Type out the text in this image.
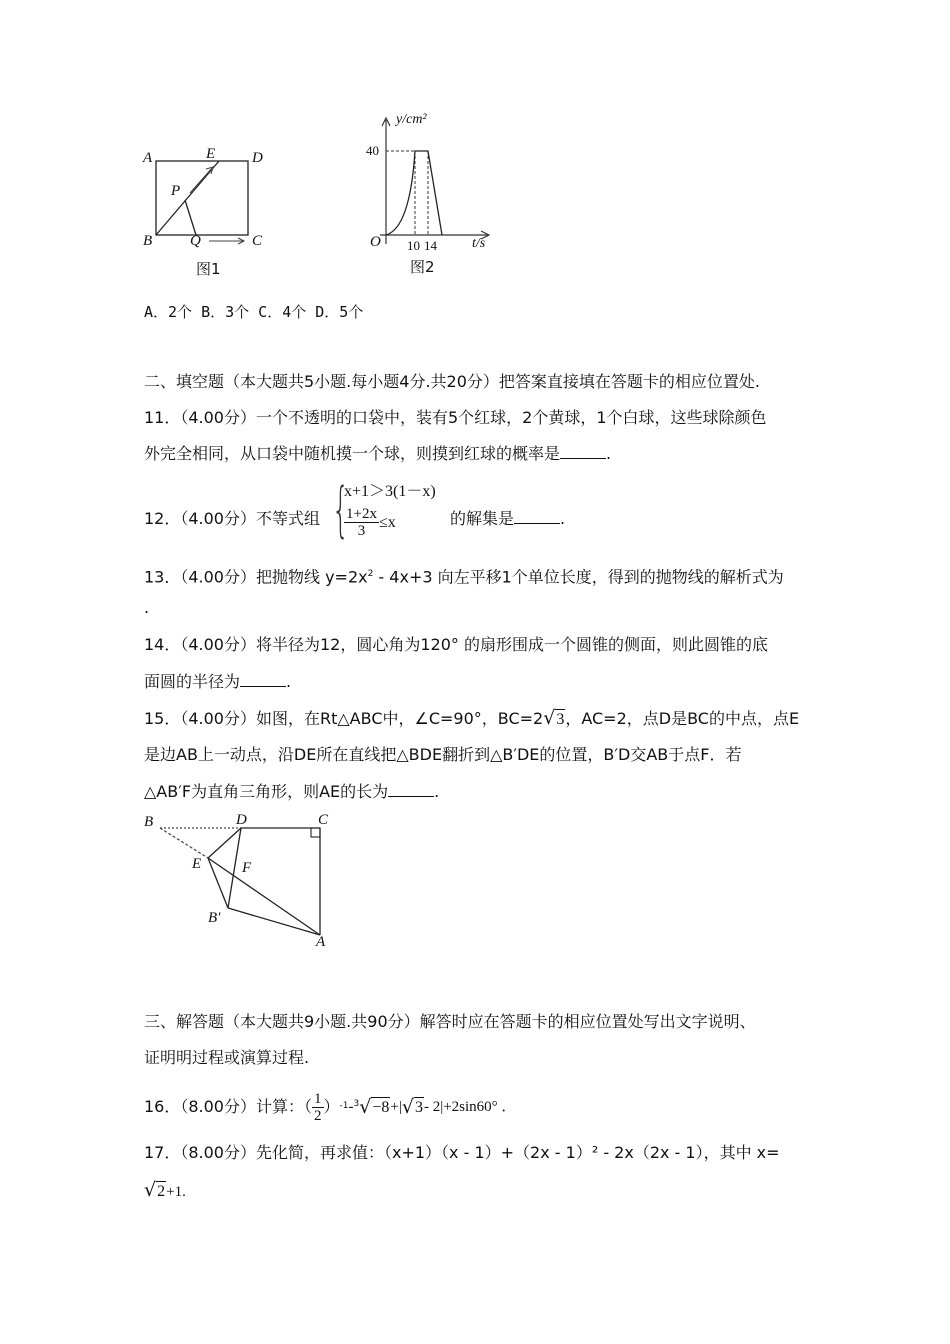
A	E D
P
B	Q	C
图1
y/cm²
40
O 10 14	t/s
图2
A．2个 B．3个 C．4个 D．5个
二、填空题（本大题共5小题.每小题4分.共20分）把答案直接填在答题卡的相应位置处.
11．（4.00分）一个不透明的口袋中，装有5个红球，2个黄球，1个白球，这些球除颜色
外完全相同，从口袋中随机摸一个球，则摸到红球的概率是	.
12．（4.00分）不等式组 {
x+1＞3(1－x)
$\frac{1+2x}{3} \le x$	的解集是	.
13．（4.00分）把抛物线 $y=2x^2 - 4x+3$ 向左平移1个单位长度，得到的抛物线的解析式为
.
14．（4.00分）将半径为12，圆心角为120° 的扇形围成一个圆锥的侧面，则此圆锥的底
面圆的半径为	.
15．（4.00分）如图，在Rt△ABC中，∠C=90°，BC=2√3，AC=2，点D是BC的中点，点E
是边AB上一动点，沿DE所在直线把△BDE翻折到△B′DE的位置，B′D交AB于点F．若
△AB′F为直角三角形，则AE的长为	.
B	D	C
E	F
B′
A
三、解答题（本大题共9小题.共90分）解答时应在答题卡的相应位置处写出文字说明、
证明明过程或演算过程.
16．（8.00分）计算：（ $\frac{1}{2}$ ） -1 - 3 √ −8 +| √ 3 - 2|+2sin60° ．
17．（8.00分）先化简，再求值：（x+1）（x - 1）+（2x - 1）² - 2x（2x - 1），其中 x=
√2+1.
